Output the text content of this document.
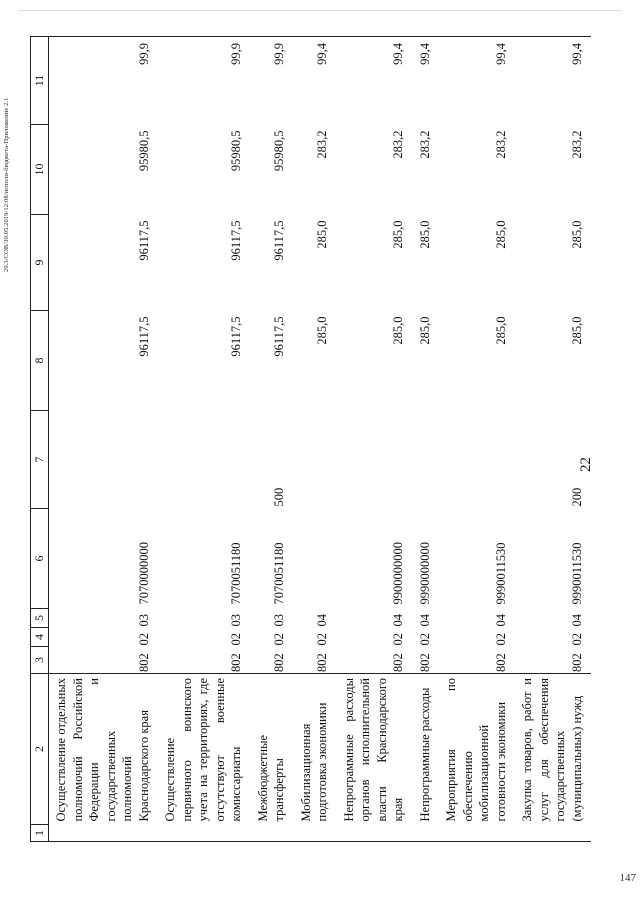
147
22
20.3/СОВ/30.05.2019/12:08/исполн-бюджета-Приложение 2.1
1	2	3	4	5	6	7	8	9	10	11
	Осуществление отдельных полномочий Российской Федерации и государственных полномочий Краснодарского края	802	02	03	7070000000		96117,5	96117,5	95980,5	99,9
	Осуществление первичного воинского учета на территориях, где отсутствуют военные комиссариаты	802	02	03	7070051180		96117,5	96117,5	95980,5	99,9
	Межбюджетные трансферты	802	02	03	7070051180	500	96117,5	96117,5	95980,5	99,9
	Мобилизационная подготовка экономики	802	02	04			285,0	285,0	283,2	99,4
	Непрограммные расходы органов исполнительной власти Краснодарского края	802	02	04	9900000000		285,0	285,0	283,2	99,4
	Непрограммные расходы	802	02	04	9990000000		285,0	285,0	283,2	99,4
	Мероприятия по обеспечению мобилизационной готовности экономики	802	02	04	9990011530		285,0	285,0	283,2	99,4
	Закупка товаров, работ и услуг для обеспечения государственных (муниципальных) нужд	802	02	04	9990011530	200	285,0	285,0	283,2	99,4
